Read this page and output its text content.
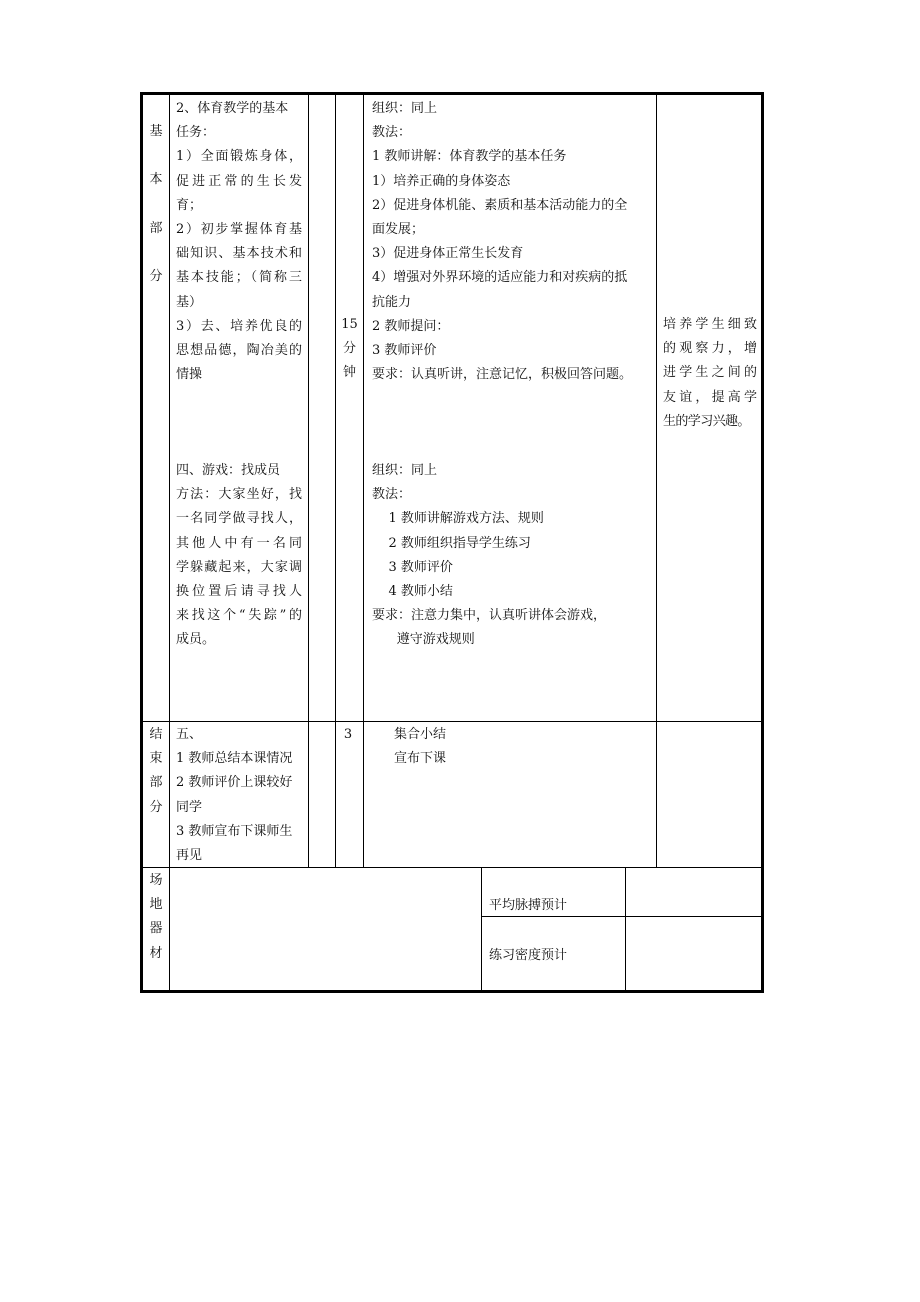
基
本
部
分
2、体育教学的基本
任务：
1）全面锻炼身体，
促进正常的生长发
育；
2）初步掌握体育基
础知识、基本技术和
基本技能；（简称三
基）
3）去、培养优良的
思想品德，陶冶美的
情操
四、游戏：找成员
方法：大家坐好，找
一名同学做寻找人，
其他人中有一名同
学躲藏起来，大家调
换位置后请寻找人
来找这个“失踪”的
成员。
15
分
钟
组织：同上
教法：
1 教师讲解：体育教学的基本任务
1）培养正确的身体姿态
2）促进身体机能、素质和基本活动能力的全
面发展；
3）促进身体正常生长发育
4）增强对外界环境的适应能力和对疾病的抵
抗能力
2 教师提问：
3 教师评价
要求：认真听讲，注意记忆，积极回答问题。
组织：同上
教法：
1 教师讲解游戏方法、规则
2 教师组织指导学生练习
3 教师评价
4 教师小结
要求：注意力集中，认真听讲体会游戏，
遵守游戏规则
培养学生细致
的观察力，增
进学生之间的
友谊，提高学
生的学习兴趣。
结
束
部
分
五、
1 教师总结本课情况
2 教师评价上课较好
同学
3 教师宣布下课师生
再见
3	集合小结
宣布下课
场
地
器
材
平均脉搏预计
练习密度预计
